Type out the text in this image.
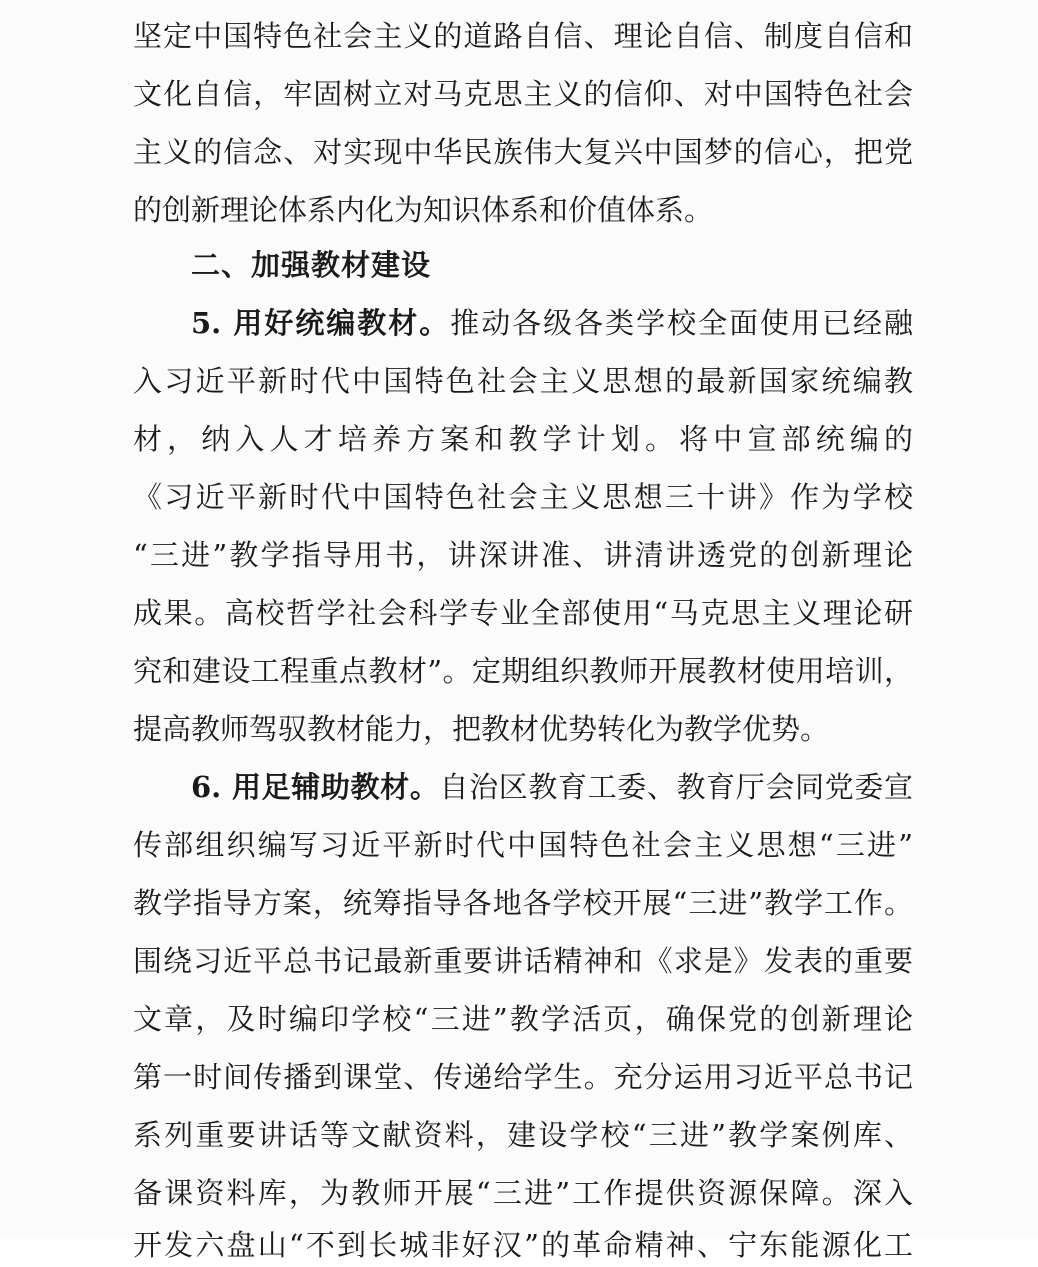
坚定中国特色社会主义的道路自信、理论自信、制度自信和
文化自信，牢固树立对马克思主义的信仰、对中国特色社会
主义的信念、对实现中华民族伟大复兴中国梦的信心，把党
的创新理论体系内化为知识体系和价值体系。
二、加强教材建设
5. 用好统编教材。推动各级各类学校全面使用已经融
入习近平新时代中国特色社会主义思想的最新国家统编教
材，纳入人才培养方案和教学计划。将中宣部统编的
《习近平新时代中国特色社会主义思想三十讲》作为学校
“三进”教学指导用书，讲深讲准、讲清讲透党的创新理论
成果。高校哲学社会科学专业全部使用“马克思主义理论研
究和建设工程重点教材”。定期组织教师开展教材使用培训，
提高教师驾驭教材能力，把教材优势转化为教学优势。
6. 用足辅助教材。自治区教育工委、教育厅会同党委宣
传部组织编写习近平新时代中国特色社会主义思想“三进”
教学指导方案，统筹指导各地各学校开展“三进”教学工作。
围绕习近平总书记最新重要讲话精神和《求是》发表的重要
文章，及时编印学校“三进”教学活页，确保党的创新理论
第一时间传播到课堂、传递给学生。充分运用习近平总书记
系列重要讲话等文献资料，建设学校“三进”教学案例库、
备课资料库，为教师开展“三进”工作提供资源保障。深入
开发六盘山“不到长城非好汉”的革命精神、宁东能源化工
